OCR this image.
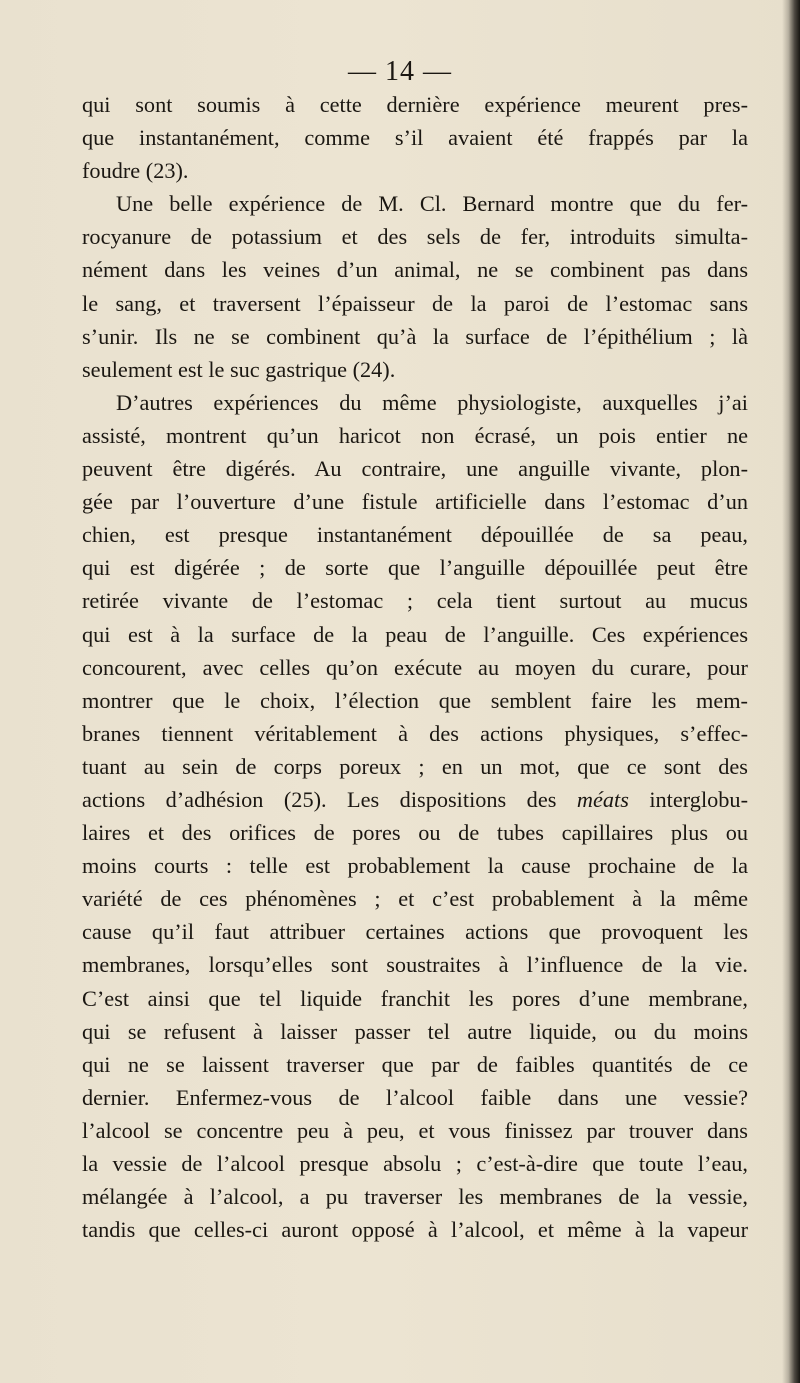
— 14 —
qui sont soumis à cette dernière expérience meurent pres-
que instantanément, comme s’il avaient été frappés par la
foudre (23).
Une belle expérience de M. Cl. Bernard montre que du fer-
rocyanure de potassium et des sels de fer, introduits simulta-
nément dans les veines d’un animal, ne se combinent pas dans
le sang, et traversent l’épaisseur de la paroi de l’estomac sans
s’unir. Ils ne se combinent qu’à la surface de l’épithélium ; là
seulement est le suc gastrique (24).
D’autres expériences du même physiologiste, auxquelles j’ai
assisté, montrent qu’un haricot non écrasé, un pois entier ne
peuvent être digérés. Au contraire, une anguille vivante, plon-
gée par l’ouverture d’une fistule artificielle dans l’estomac d’un
chien, est presque instantanément dépouillée de sa peau,
qui est digérée ; de sorte que l’anguille dépouillée peut être
retirée vivante de l’estomac ; cela tient surtout au mucus
qui est à la surface de la peau de l’anguille. Ces expériences
concourent, avec celles qu’on exécute au moyen du curare, pour
montrer que le choix, l’élection que semblent faire les mem-
branes tiennent véritablement à des actions physiques, s’effec-
tuant au sein de corps poreux ; en un mot, que ce sont des
actions d’adhésion (25). Les dispositions des méats interglobu-
laires et des orifices de pores ou de tubes capillaires plus ou
moins courts : telle est probablement la cause prochaine de la
variété de ces phénomènes ; et c’est probablement à la même
cause qu’il faut attribuer certaines actions que provoquent les
membranes, lorsqu’elles sont soustraites à l’influence de la vie.
C’est ainsi que tel liquide franchit les pores d’une membrane,
qui se refusent à laisser passer tel autre liquide, ou du moins
qui ne se laissent traverser que par de faibles quantités de ce
dernier. Enfermez-vous de l’alcool faible dans une vessie?
l’alcool se concentre peu à peu, et vous finissez par trouver dans
la vessie de l’alcool presque absolu ; c’est-à-dire que toute l’eau,
mélangée à l’alcool, a pu traverser les membranes de la vessie,
tandis que celles-ci auront opposé à l’alcool, et même à la vapeur
